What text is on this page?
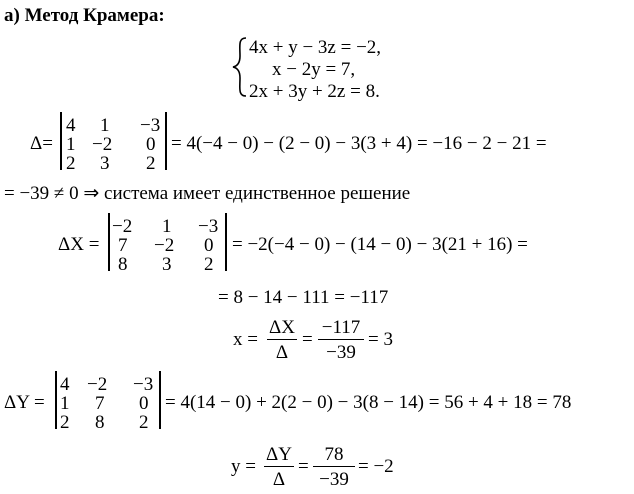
а) Метод Крамера:
4x + y − 3z = −2,
x − 2y = 7,
2x + 3y + 2z = 8.
Δ=
4 1 −3
1 −2 0
2 3 2
= 4(−4 − 0) − (2 − 0) − 3(3 + 4) = −16 − 2 − 21 =
= −39 ≠ 0 ⇒ система имеет единственное решение
ΔX =
−2 1 −3
7 −2 0
8 3 2
= −2(−4 − 0) − (14 − 0) − 3(21 + 16) =
= 8 − 14 − 111 = −117
x =
ΔX
Δ
=
−117
−39
= 3
ΔY =
4 −2 −3
1 7 0
2 8 2
= 4(14 − 0) + 2(2 − 0) − 3(8 − 14) = 56 + 4 + 18 = 78
y =
ΔY
Δ
=
78
−39
= −2
